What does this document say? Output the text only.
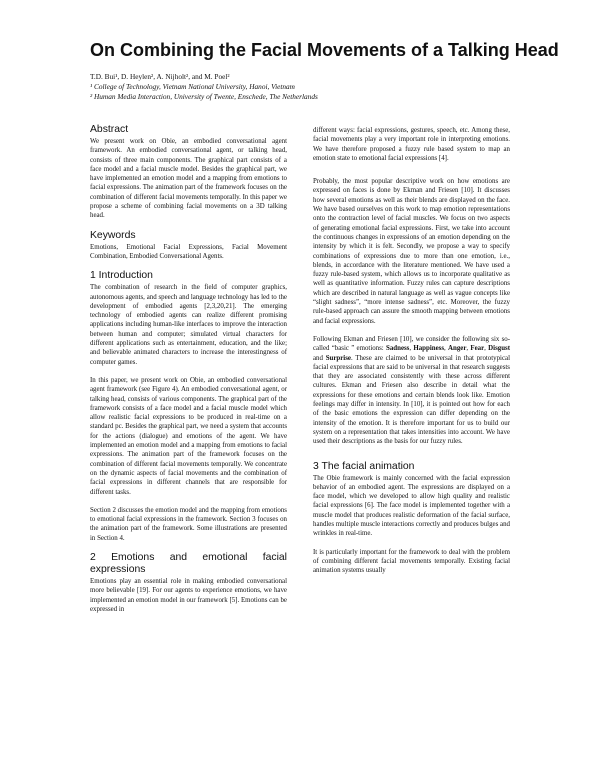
On Combining the Facial Movements of a Talking Head
T.D. Bui¹, D. Heylen², A. Nijholt², and M. Poel²
¹ College of Technology, Vietnam National University, Hanoi, Vietnam
² Human Media Interaction, University of Twente, Enschede, The Netherlands
Abstract

We present work on Obie, an embodied conversational agent framework. An embodied conversational agent, or talking head, consists of three main components. The graphical part consists of a face model and a facial muscle model. Besides the graphical part, we have implemented an emotion model and a mapping from emotions to facial expressions. The animation part of the framework focuses on the combination of different facial movements temporally. In this paper we propose a scheme of combining facial movements on a 3D talking head.

Keywords

Emotions, Emotional Facial Expressions, Facial Movement Combination, Embodied Conversational Agents.

1 Introduction

The combination of research in the field of computer graphics, autonomous agents, and speech and language technology has led to the development of embodied agents [2,3,20,21]. The emerging technology of embodied agents can realize different promising applications including human-like interfaces to improve the interaction between human and computer; simulated virtual characters for different applications such as entertainment, education, and the like; and believable animated characters to increase the interestingness of computer games.

In this paper, we present work on Obie, an embodied conversational agent framework (see Figure 4). An embodied conversational agent, or talking head, consists of various components. The graphical part of the framework consists of a face model and a facial muscle model which allow realistic facial expressions to be produced in real-time on a standard pc. Besides the graphical part, we need a system that accounts for the actions (dialogue) and emotions of the agent. We have implemented an emotion model and a mapping from emotions to facial expressions. The animation part of the framework focuses on the combination of different facial movements temporally. We concentrate on the dynamic aspects of facial movements and the combination of facial expressions in different channels that are responsible for different tasks.

Section 2 discusses the emotion model and the mapping from emotions to emotional facial expressions in the framework. Section 3 focuses on the animation part of the framework. Some illustrations are presented in Section 4.

2 Emotions and emotional facial expressions

Emotions play an essential role in making embodied conversational more believable [19]. For our agents to experience emotions, we have implemented an emotion model in our framework [5]. Emotions can be expressed in

different ways: facial expressions, gestures, speech, etc. Among these, facial movements play a very important role in interpreting emotions. We have therefore proposed a fuzzy rule based system to map an emotion state to emotional facial expressions [4].

Probably, the most popular descriptive work on how emotions are expressed on faces is done by Ekman and Friesen [10]. It discusses how several emotions as well as their blends are displayed on the face. We have based ourselves on this work to map emotion representations onto the contraction level of facial muscles. We focus on two aspects of generating emotional facial expressions. First, we take into account the continuous changes in expressions of an emotion depending on the intensity by which it is felt. Secondly, we propose a way to specify combinations of expressions due to more than one emotion, i.e., blends, in accordance with the literature mentioned. We have used a fuzzy rule-based system, which allows us to incorporate qualitative as well as quantitative information. Fuzzy rules can capture descriptions which are described in natural language as well as vague concepts like “slight sadness”, “more intense sadness”, etc. Moreover, the fuzzy rule-based approach can assure the smooth mapping between emotions and facial expressions.

Following Ekman and Friesen [10], we consider the following six so-called “basic ” emotions: Sadness, Happiness, Anger, Fear, Disgust and Surprise. These are claimed to be universal in that prototypical facial expressions that are said to be universal in that research suggests that they are associated consistently with these across different cultures. Ekman and Friesen also describe in detail what the expressions for these emotions and certain blends look like. Emotion feelings may differ in intensity. In [10], it is pointed out how for each of the basic emotions the expression can differ depending on the intensity of the emotion. It is therefore important for us to build our system on a representation that takes intensities into account. We have used their descriptions as the basis for our fuzzy rules.

3 The facial animation

The Obie framework is mainly concerned with the facial expression behavior of an embodied agent. The expressions are displayed on a face model, which we developed to allow high quality and realistic facial expressions [6]. The face model is implemented together with a muscle model that produces realistic deformation of the facial surface, handles multiple muscle interactions correctly and produces bulges and wrinkles in real-time.

It is particularly important for the framework to deal with the problem of combining different facial movements temporally. Existing facial animation systems usually
